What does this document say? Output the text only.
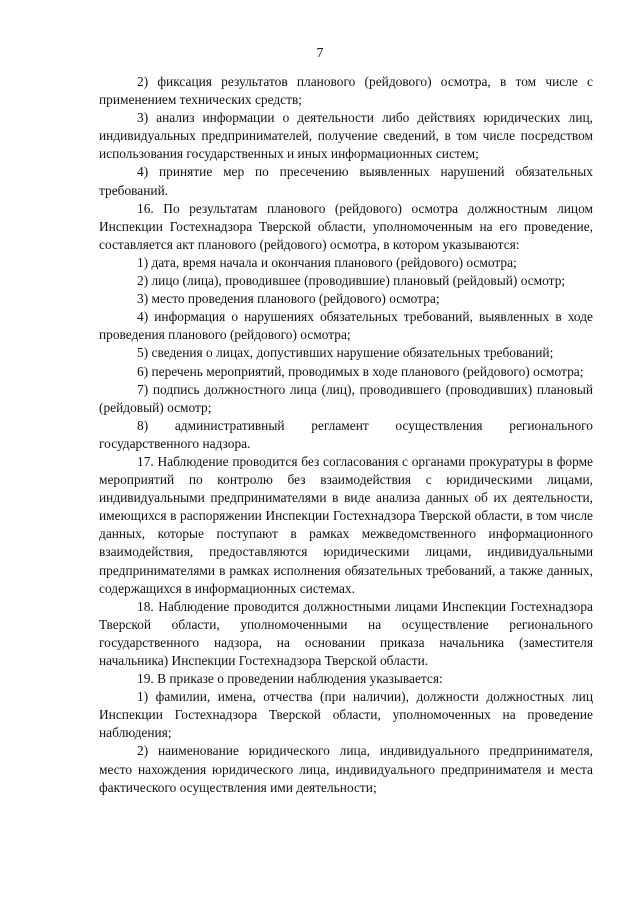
7

2) фиксация результатов планового (рейдового) осмотра, в том числе с применением технических средств;

3) анализ информации о деятельности либо действиях юридических лиц, индивидуальных предпринимателей, получение сведений, в том числе посредством использования государственных и иных информационных систем;

4) принятие мер по пресечению выявленных нарушений обязательных требований.

16. По результатам планового (рейдового) осмотра должностным лицом Инспекции Гостехнадзора Тверской области, уполномоченным на его проведение, составляется акт планового (рейдового) осмотра, в котором указываются:

1) дата, время начала и окончания планового (рейдового) осмотра;

2) лицо (лица), проводившее (проводившие) плановый (рейдовый) осмотр;

3) место проведения планового (рейдового) осмотра;

4) информация о нарушениях обязательных требований, выявленных в ходе проведения планового (рейдового) осмотра;

5) сведения о лицах, допустивших нарушение обязательных требований;

6) перечень мероприятий, проводимых в ходе планового (рейдового) осмотра;

7) подпись должностного лица (лиц), проводившего (проводивших) плановый (рейдовый) осмотр;

8) административный регламент осуществления регионального государственного надзора.

17. Наблюдение проводится без согласования с органами прокуратуры в форме мероприятий по контролю без взаимодействия с юридическими лицами, индивидуальными предпринимателями в виде анализа данных об их деятельности, имеющихся в распоряжении Инспекции Гостехнадзора Тверской области, в том числе данных, которые поступают в рамках межведомственного информационного взаимодействия, предоставляются юридическими лицами, индивидуальными предпринимателями в рамках исполнения обязательных требований, а также данных, содержащихся в информационных системах.

18. Наблюдение проводится должностными лицами Инспекции Гостехнадзора Тверской области, уполномоченными на осуществление регионального государственного надзора, на основании приказа начальника (заместителя начальника) Инспекции Гостехнадзора Тверской области.

19. В приказе о проведении наблюдения указывается:

1) фамилии, имена, отчества (при наличии), должности должностных лиц Инспекции Гостехнадзора Тверской области, уполномоченных на проведение наблюдения;

2) наименование юридического лица, индивидуального предпринимателя, место нахождения юридического лица, индивидуального предпринимателя и места фактического осуществления ими деятельности;
